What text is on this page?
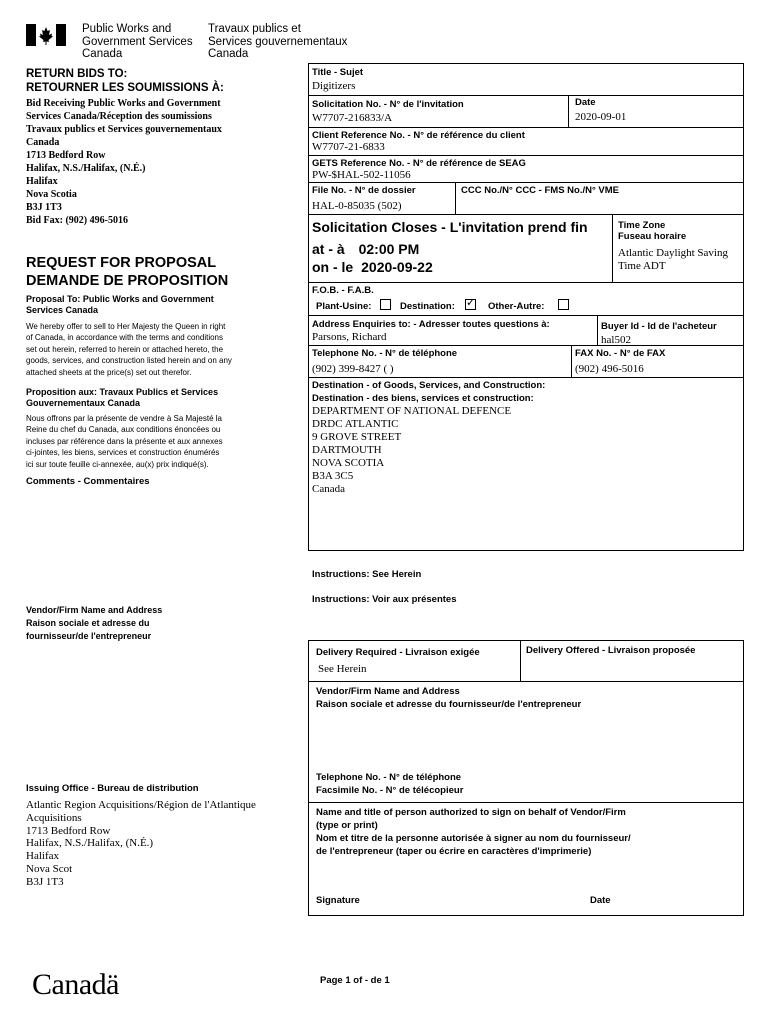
Public Works and
Government Services
Canada
Travaux publics et
Services gouvernementaux
Canada
RETURN BIDS TO:
RETOURNER LES SOUMISSIONS À:
Bid Receiving Public Works and Government
Services Canada/Réception des soumissions
Travaux publics et Services gouvernementaux
Canada
1713 Bedford Row
Halifax, N.S./Halifax, (N.É.)
Halifax
Nova Scotia
B3J 1T3
Bid Fax: (902) 496-5016
REQUEST FOR PROPOSAL
DEMANDE DE PROPOSITION
Proposal To: Public Works and Government
Services Canada
We hereby offer to sell to Her Majesty the Queen in right
of Canada, in accordance with the terms and conditions
set out herein, referred to herein or attached hereto, the
goods, services, and construction listed herein and on any
attached sheets at the price(s) set out therefor.
Proposition aux: Travaux Publics et Services
Gouvernementaux Canada
Nous offrons par la présente de vendre à Sa Majesté la
Reine du chef du Canada, aux conditions énoncées ou
incluses par référence dans la présente et aux annexes
ci-jointes, les biens, services et construction énumérés
ici sur toute feuille ci-annexée, au(x) prix indiqué(s).
Comments - Commentaires
Vendor/Firm Name and Address
Raison sociale et adresse du
fournisseur/de l'entrepreneur
Issuing Office - Bureau de distribution
Atlantic Region Acquisitions/Région de l'Atlantique
Acquisitions
1713 Bedford Row
Halifax, N.S./Halifax, (N.É.)
Halifax
Nova Scot
B3J 1T3
Title - Sujet
Digitizers
Solicitation No. - N° de l'invitation
W7707-216833/A
Date
2020-09-01
Client Reference No. - N° de référence du client
W7707-21-6833
GETS Reference No. - N° de référence de SEAG
PW-$HAL-502-11056
File No. - N° de dossier
HAL-0-85035 (502)
CCC No./N° CCC - FMS No./N° VME
Solicitation Closes - L'invitation prend fin
at - à 02:00 PM
on - le 2020-09-22
Time Zone
Fuseau horaire
Atlantic Daylight Saving
Time ADT
F.O.B. - F.A.B.
Plant-Usine:	Destination: ✓ Other-Autre:
Address Enquiries to: - Adresser toutes questions à:
Parsons, Richard
Buyer Id - Id de l'acheteur
hal502
Telephone No. - N° de téléphone
(902) 399-8427 ( )
FAX No. - N° de FAX
(902) 496-5016
Destination - of Goods, Services, and Construction:
Destination - des biens, services et construction:
DEPARTMENT OF NATIONAL DEFENCE
DRDC ATLANTIC
9 GROVE STREET
DARTMOUTH
NOVA SCOTIA
B3A 3C5
Canada
Instructions: See Herein
Instructions: Voir aux présentes
Delivery Required - Livraison exigée
See Herein
Delivery Offered - Livraison proposée
Vendor/Firm Name and Address
Raison sociale et adresse du fournisseur/de l'entrepreneur
Telephone No. - N° de téléphone
Facsimile No. - N° de télécopieur
Name and title of person authorized to sign on behalf of Vendor/Firm
(type or print)
Nom et titre de la personne autorisée à signer au nom du fournisseur/
de l'entrepreneur (taper ou écrire en caractères d'imprimerie)
Signature	Date
Canadä	Page 1 of - de 1
